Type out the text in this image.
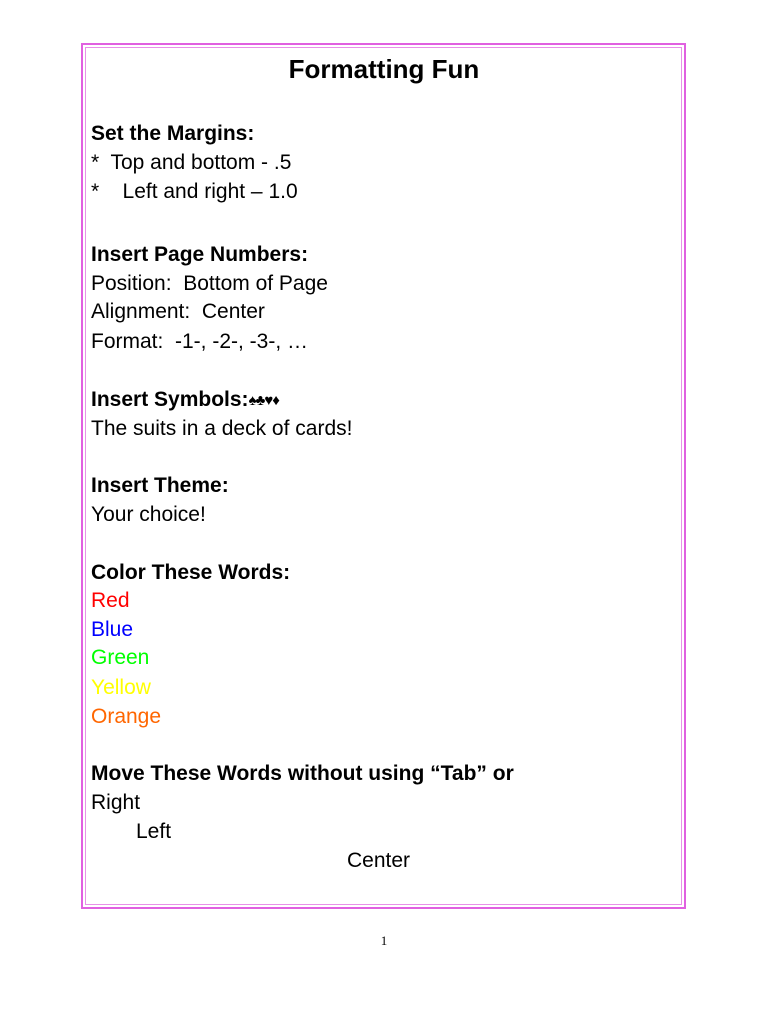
Formatting Fun
Set the Margins:
*  Top and bottom - .5
*    Left and right – 1.0
Insert Page Numbers:
Position:  Bottom of Page
Alignment:  Center
Format:  -1-, -2-, -3-, …
Insert Symbols:♠♣♥♦
The suits in a deck of cards!
Insert Theme:
Your choice!
Color These Words:
Red
Blue
Green
Yellow
Orange
Move These Words without using “Tab” or
Right
Left
Center
1
